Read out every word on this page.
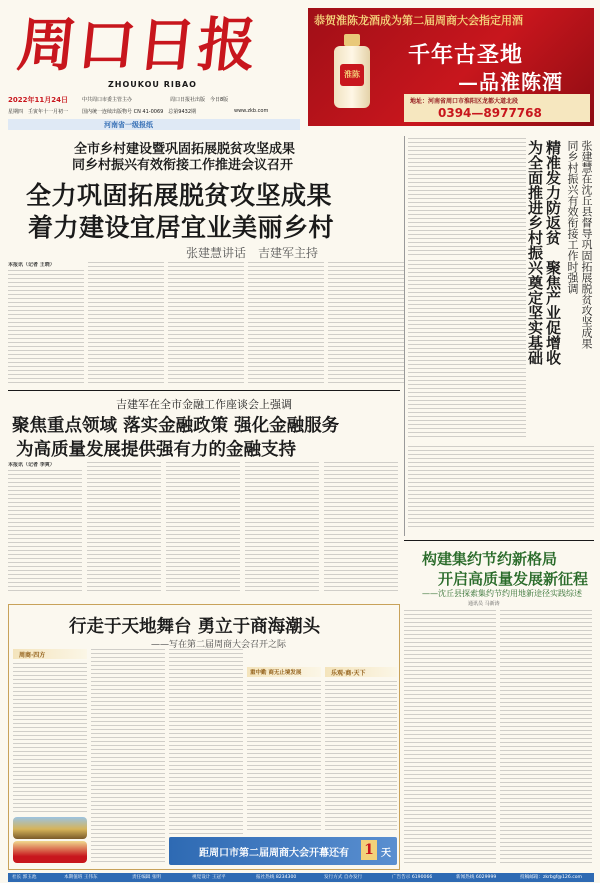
周口日报
ZHOUKOU RIBAO
2022年11月24日	中共周口市委主管主办	周口日报社出版　今日8版
星期四　壬寅年十一月初一	国内统一连续出版物号 CN 41-0069　总第9432期	www.zkb.com
河南省一级报纸
恭贺淮陈龙酒成为第二届周商大会指定用酒
淮陈
千年古圣地
—品淮陈酒
地址：河南省周口市淮阳区龙都大道北段
0394—8977768
全市乡村建设暨巩固拓展脱贫攻坚成果
同乡村振兴有效衔接工作推进会议召开
全力巩固拓展脱贫攻坚成果
着力建设宜居宜业美丽乡村
张建慧讲话　吉建军主持
本报讯（记者 王晓）	为全面推进乡村振兴奠定坚实基础 精准发力防返贫　聚焦产业促增收 同乡村振兴有效衔接工作时强调 张建慧在沈丘县督导巩固拓展脱贫攻坚成果
吉建军在全市金融工作座谈会上强调
聚焦重点领域 落实金融政策 强化金融服务
为高质量发展提供强有力的金融支持
本报讯（记者 李爽）
构建集约节约新格局
开启高质量发展新征程
——沈丘县探索集约节约用地新途径实践综述
通讯员 马新涛
行走于天地舞台 勇立于商海潮头
——写在第二届周商大会召开之际
周商·四方
重中勤 商无止境发展	乐观·商·天下
距周口市第二届周商大会开幕还有 1 天
社长 郭玉池	本期值班 王伟东	责任编辑 张明	视觉设计 王冠平	报社热线 8234300	发行方式 自办发行	广告告示 6190066	新闻热线 6029999	投稿邮箱：zkrbgf@126.com
